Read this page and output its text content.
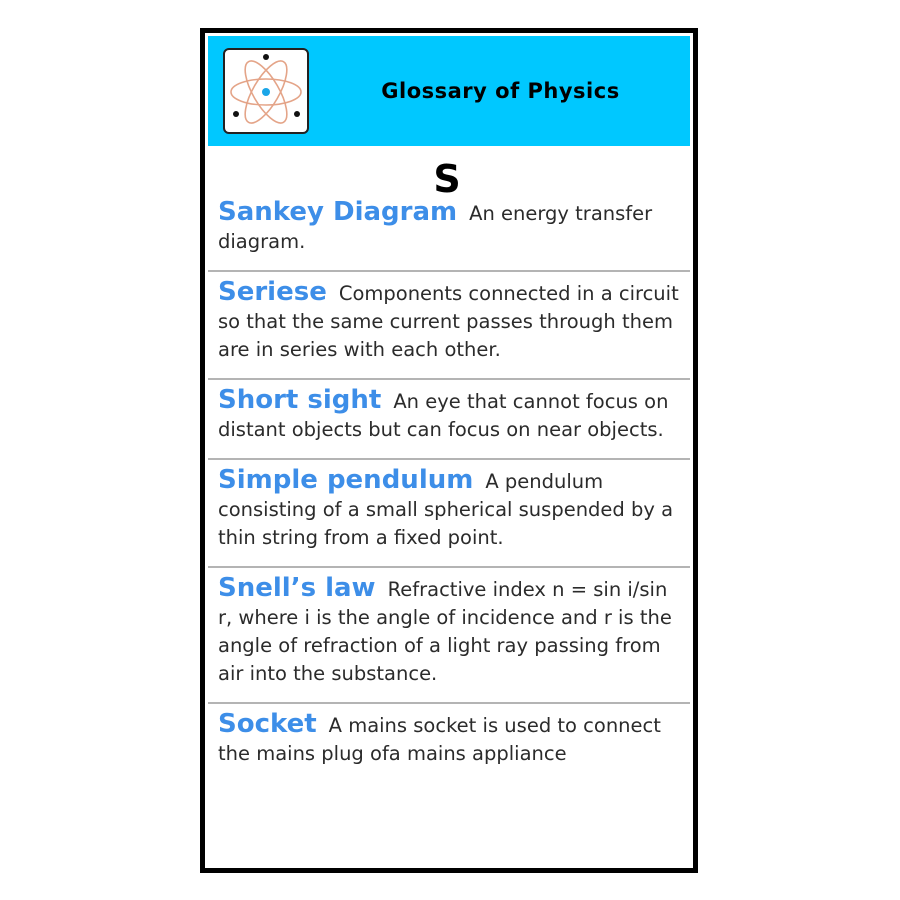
Glossary of Physics
S
Sankey Diagram An energy transfer diagram.
Seriese Components connected in a circuit so that the same current passes through them are in series with each other.
Short sight An eye that cannot focus on distant objects but can focus on near objects.
Simple pendulum A pendulum consisting of a small spherical suspended by a thin string from a fixed point.
Snell’s law Refractive index n = sin i/sin r, where i is the angle of incidence and r is the angle of refraction of a light ray passing from air into the substance.
Socket A mains socket is used to connect the mains plug ofa mains appliance
